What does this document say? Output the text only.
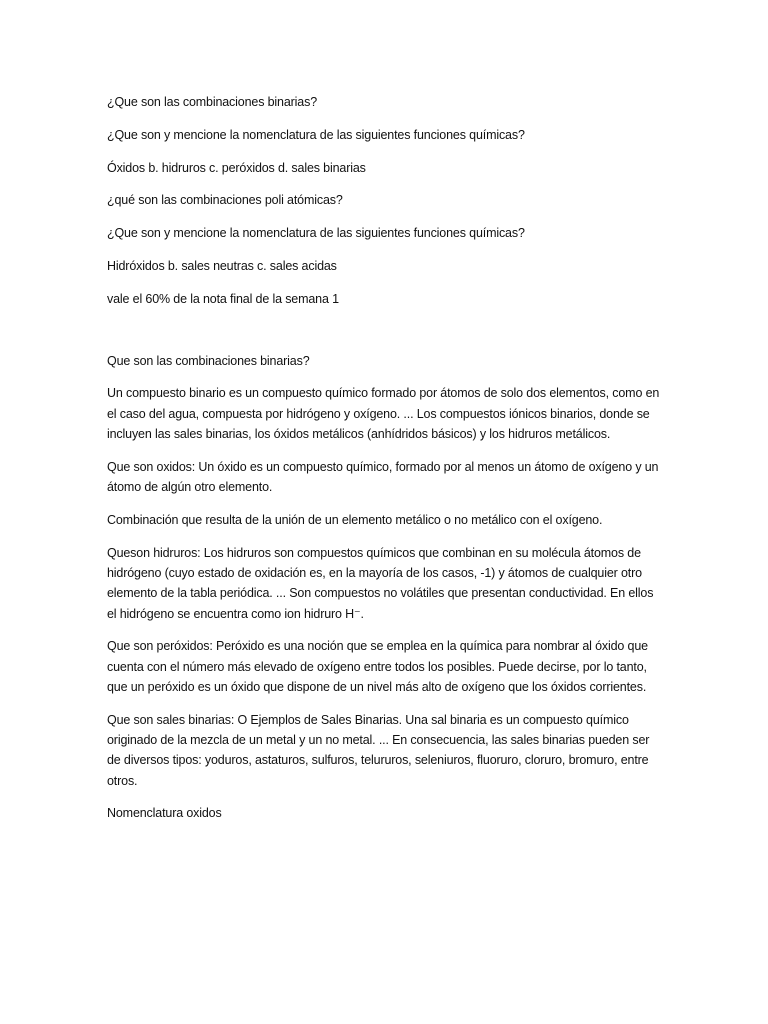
¿Que son las combinaciones binarias?

¿Que son y mencione la nomenclatura de las siguientes funciones químicas?

Óxidos b. hidruros c. peróxidos d. sales binarias

¿qué son las combinaciones poli atómicas?

¿Que son y mencione la nomenclatura de las siguientes funciones químicas?

Hidróxidos b. sales neutras c. sales acidas

vale el 60% de la nota final de la semana 1

Que son las combinaciones binarias?

Un compuesto binario es un compuesto químico formado por átomos de solo dos elementos, como en el caso del agua, compuesta por hidrógeno y oxígeno. ... Los compuestos iónicos binarios, donde se incluyen las sales binarias, los óxidos metálicos (anhídridos básicos) y los hidruros metálicos.

Que son oxidos: Un óxido es un compuesto químico, formado por al menos un átomo de oxígeno y un átomo de algún otro elemento.

Combinación que resulta de la unión de un elemento metálico o no metálico con el oxígeno.

Queson hidruros: Los hidruros son compuestos químicos que combinan en su molécula átomos de hidrógeno (cuyo estado de oxidación es, en la mayoría de los casos, -1) y átomos de cualquier otro elemento de la tabla periódica. ... Son compuestos no volátiles que presentan conductividad. En ellos el hidrógeno se encuentra como ion hidruro H⁻.

Que son peróxidos: Peróxido es una noción que se emplea en la química para nombrar al óxido que cuenta con el número más elevado de oxígeno entre todos los posibles. Puede decirse, por lo tanto, que un peróxido es un óxido que dispone de un nivel más alto de oxígeno que los óxidos corrientes.

Que son sales binarias: O Ejemplos de Sales Binarias. Una sal binaria es un compuesto químico originado de la mezcla de un metal y un no metal. ... En consecuencia, las sales binarias pueden ser de diversos tipos: yoduros, astaturos, sulfuros, telururos, seleniuros, fluoruro, cloruro, bromuro, entre otros.

Nomenclatura oxidos
